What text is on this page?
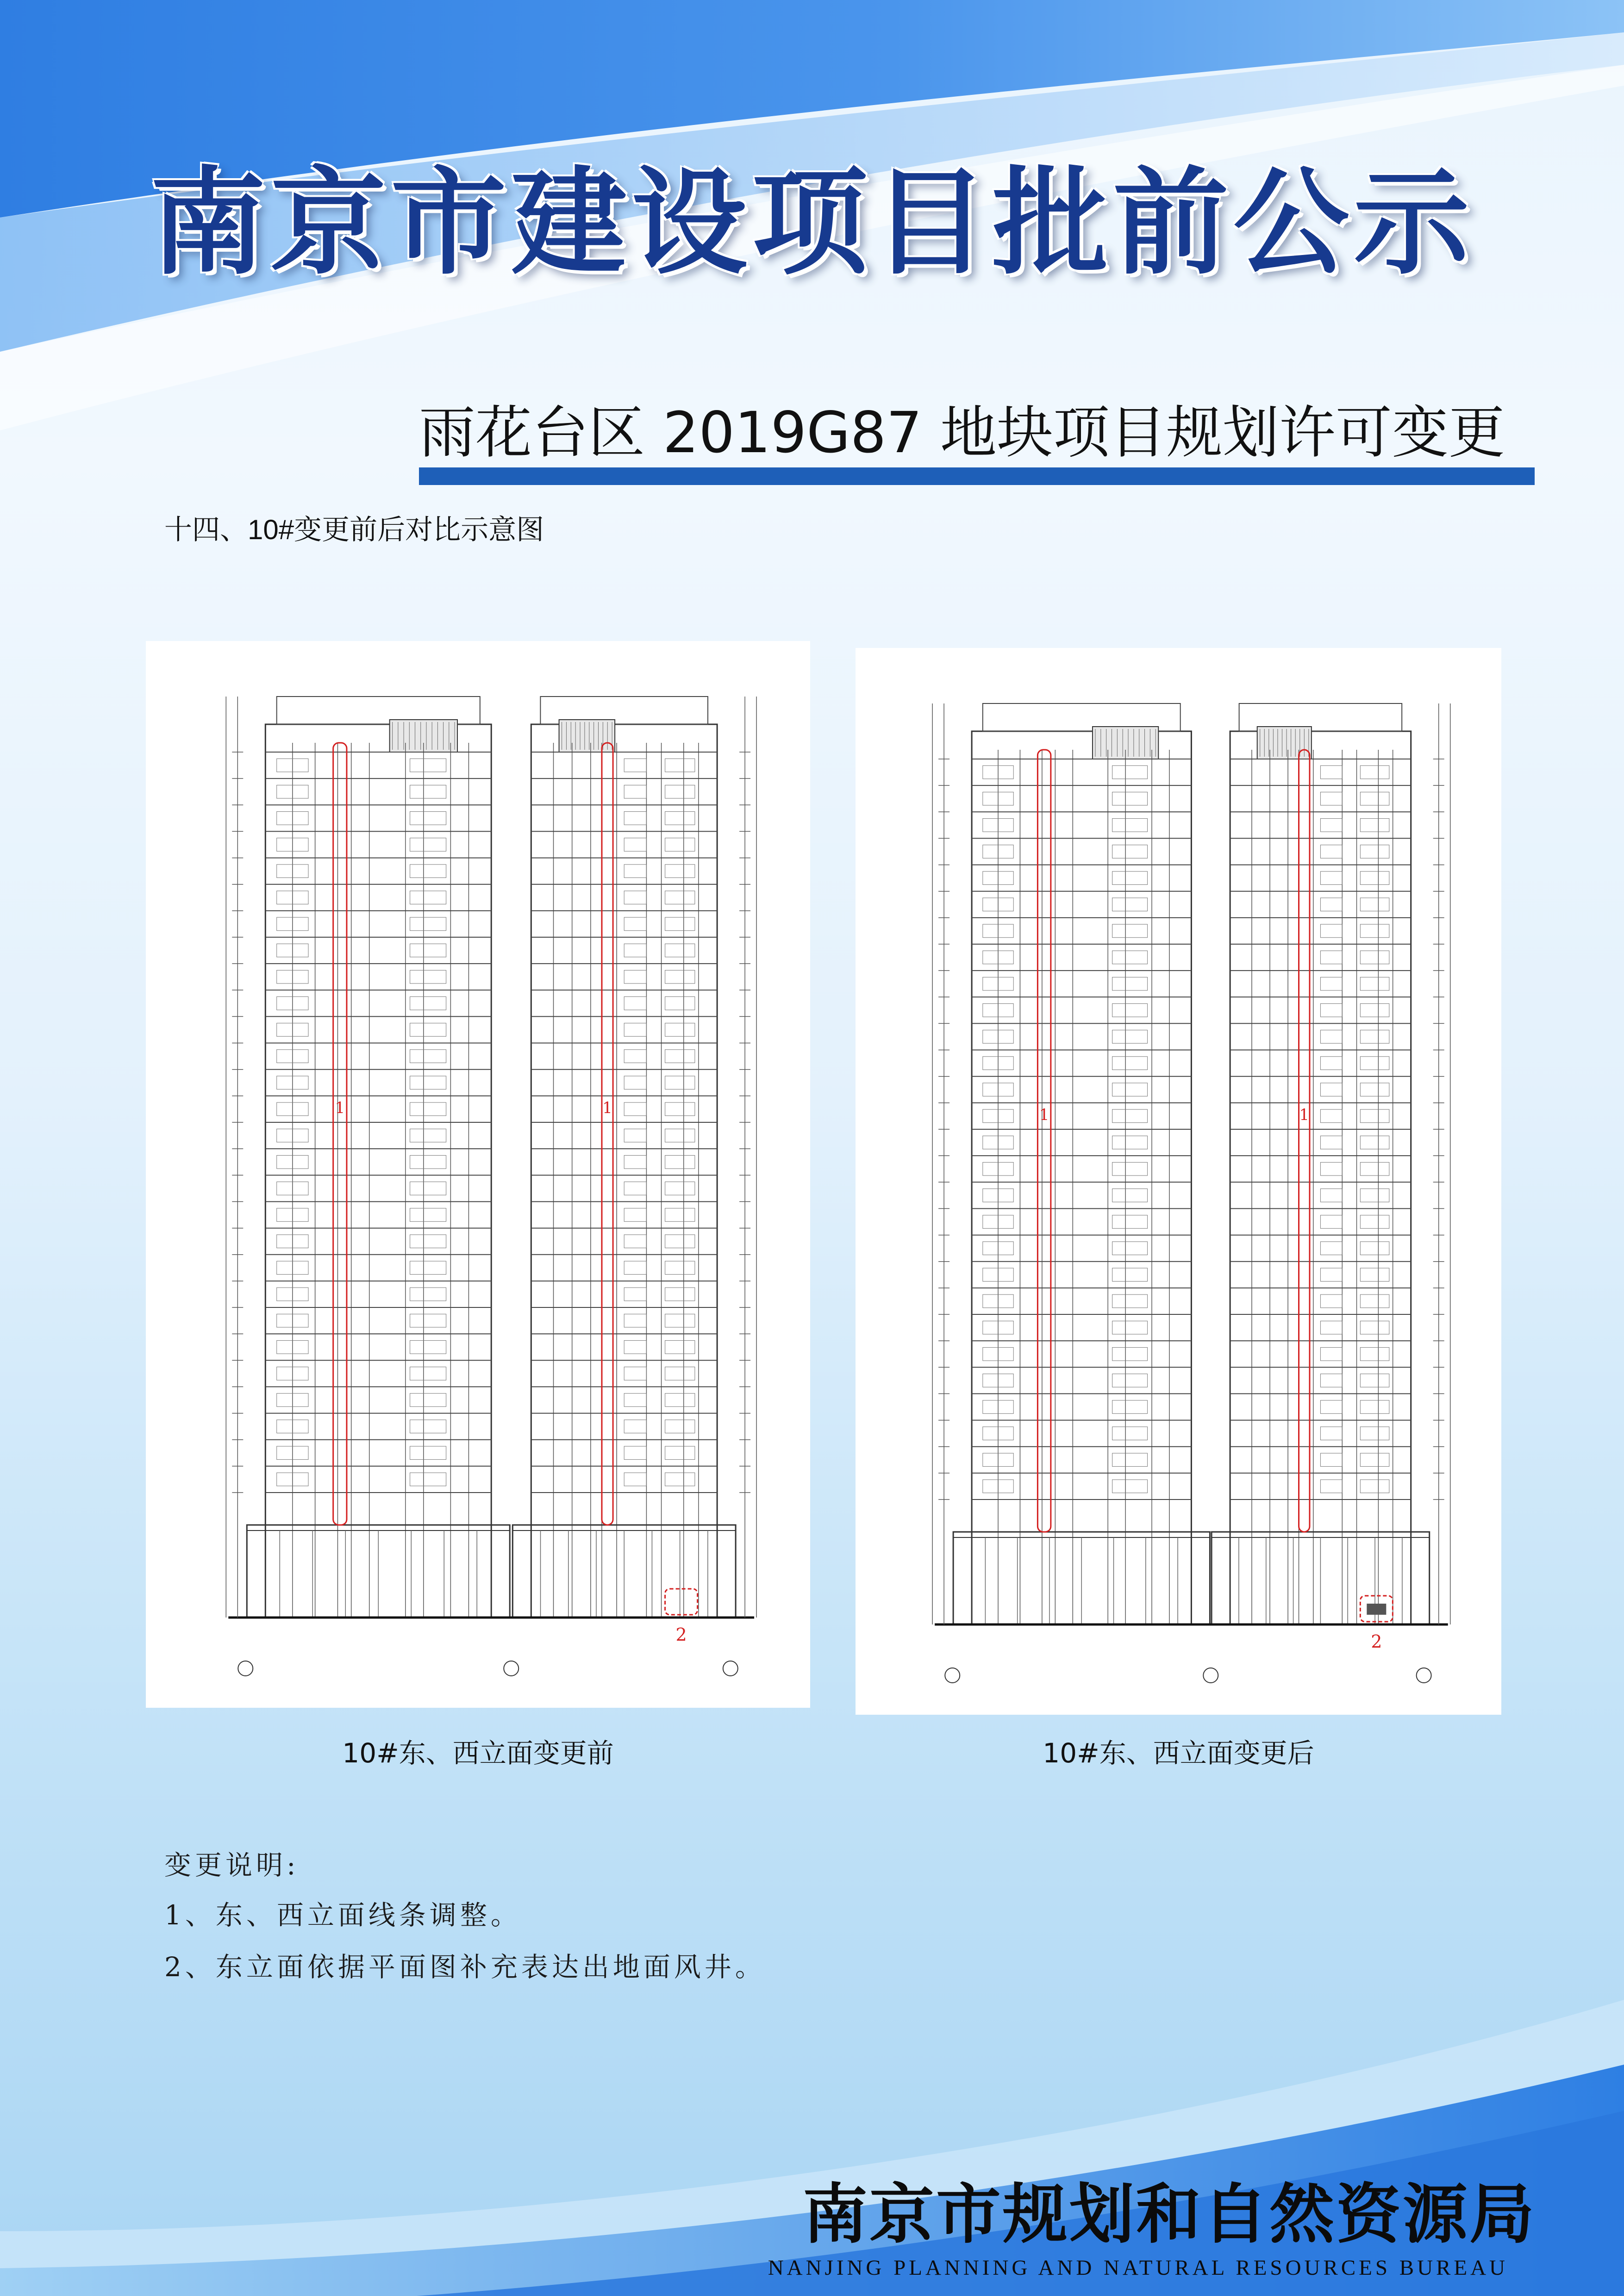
南京市建设项目批前公示
雨花台区 2019G87 地块项目规划许可变更
十四、10#变更前后对比示意图
1	1
2
1	1
2
10#东、西立面变更前	10#东、西立面变更后
变更说明:
1、东、西立面线条调整。
2、东立面依据平面图补充表达出地面风井。
南京市规划和自然资源局
NANJING PLANNING AND NATURAL RESOURCES BUREAU
